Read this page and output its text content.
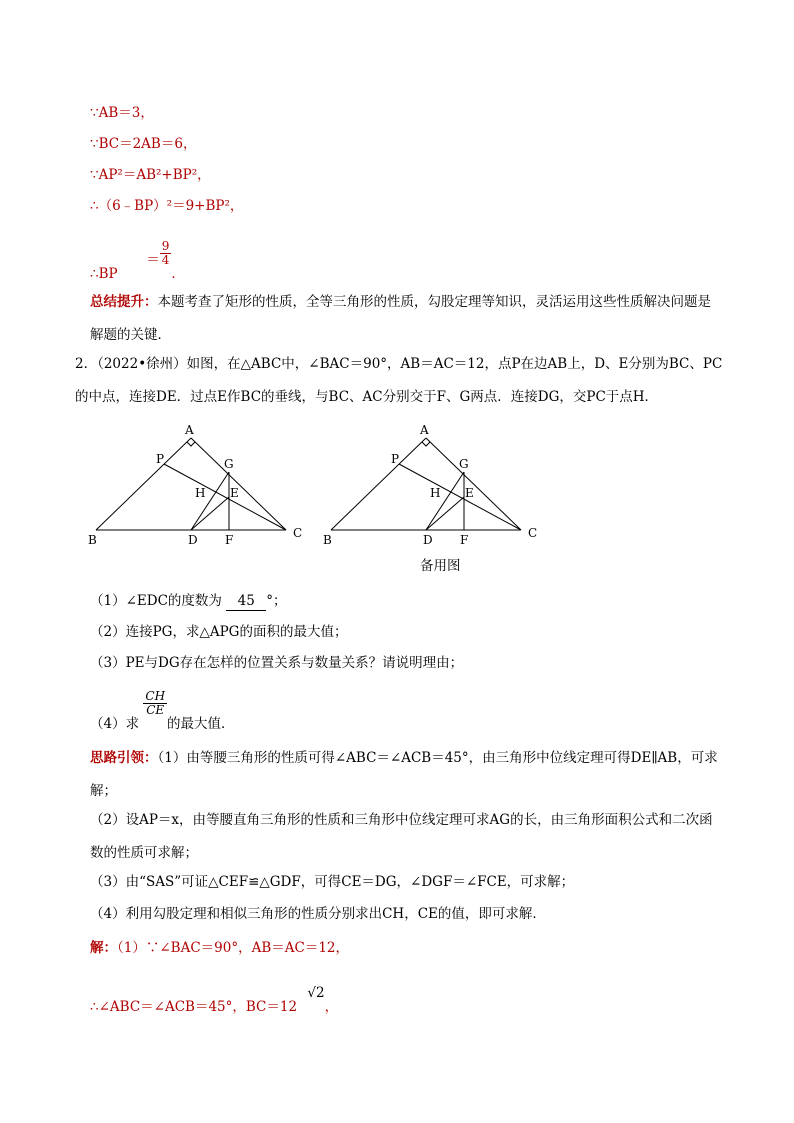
∵AB＝3，
∵BC＝2AB＝6，
∵AP²＝AB²+BP²，
∴（6﹣BP）²＝9+BP²，
∴BP  ＝ $\frac{9}{4}$
．
总结提升：本题考查了矩形的性质，全等三角形的性质，勾股定理等知识，灵活运用这些性质解决问题是解题的关键．
2．（2022•徐州）如图，在△ABC中，∠BAC＝90°，AB＝AC＝12，点P在边AB上，D、E分别为BC、PC的中点，连接DE．过点E作BC的垂线，与BC、AC分别交于F、G两点．连接DG，交PC于点H．
A
B	C
D
E
F
G
H
P
A
B	C
D
E
F
G
H
P
备用图
（1）∠EDC的度数为 45 °；
（2）连接PG，求△APG的面积的最大值；
（3）PE与DG存在怎样的位置关系与数量关系？请说明理由；
（4）求
$\frac{CH}{CE}$
的最大值．
思路引领：（1）由等腰三角形的性质可得∠ABC＝∠ACB＝45°，由三角形中位线定理可得DE∥AB，可求解；
（2）设AP＝x，由等腰直角三角形的性质和三角形中位线定理可求AG的长，由三角形面积公式和二次函数的性质可求解；
（3）由“SAS”可证△CEF≌△GDF，可得CE＝DG，∠DGF＝∠FCE，可求解；
（4）利用勾股定理和相似三角形的性质分别求出CH，CE的值，即可求解．
解：（1）∵∠BAC＝90°，AB＝AC＝12，
∴∠ABC＝∠ACB＝45°，BC＝12 √2，
